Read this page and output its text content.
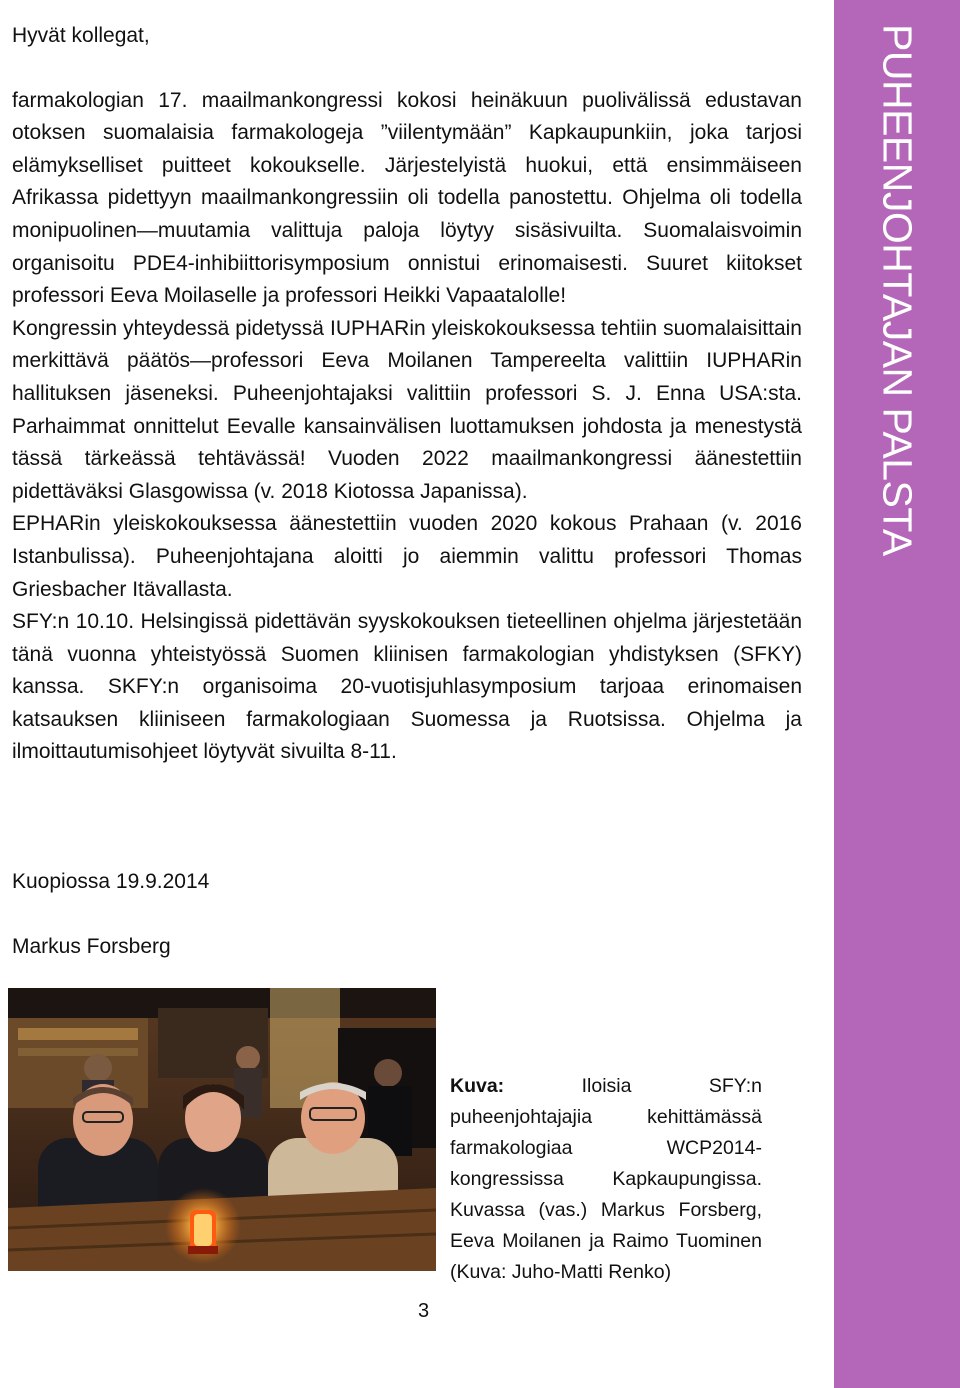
Hyvät kollegat,

farmakologian 17. maailmankongressi kokosi heinäkuun puolivälissä edustavan otoksen suomalaisia farmakologeja ”viilentymään” Kapkaupunkiin, joka tarjosi elämykselliset puitteet kokoukselle. Järjestelyistä huokui, että ensimmäiseen Afrikassa pidettyyn maailmankongressiin oli todella panostettu. Ohjelma oli todella monipuolinen—muutamia valittuja paloja löytyy sisäsivuilta. Suomalaisvoimin organisoitu PDE4-inhibiittorisymposium onnistui erinomaisesti. Suuret kiitokset professori Eeva Moilaselle ja professori Heikki Vapaatalolle!

Kongressin yhteydessä pidetyssä IUPHARin yleiskokouksessa tehtiin suomalaisittain merkittävä päätös—professori Eeva Moilanen Tampereelta valittiin IUPHARin hallituksen jäseneksi. Puheenjohtajaksi valittiin professori S. J. Enna USA:sta. Parhaimmat onnittelut Eevalle kansainvälisen luottamuksen johdosta ja menestystä tässä tärkeässä tehtävässä! Vuoden 2022 maailmankongressi äänestettiin pidettäväksi Glasgowissa (v. 2018 Kiotossa Japanissa).

EPHARin yleiskokouksessa äänestettiin vuoden 2020 kokous Prahaan (v. 2016 Istanbulissa). Puheenjohtajana aloitti jo aiemmin valittu professori Thomas Griesbacher Itävallasta.

SFY:n 10.10. Helsingissä pidettävän syyskokouksen tieteellinen ohjelma järjestetään tänä vuonna yhteistyössä Suomen kliinisen farmakologian yhdistyksen (SFKY) kanssa. SKFY:n organisoima 20-vuotisjuhlasymposium tarjoaa erinomaisen katsauksen kliiniseen farmakologiaan Suomessa ja Ruotsissa. Ohjelma ja ilmoittautumisohjeet löytyvät sivuilta 8-11.

Kuopiossa 19.9.2014

Markus Forsberg

PUHEENJOHTAJAN PALSTA
Kuva: Iloisia SFY:n puheenjohtajajia kehittämässä farmakologiaa WCP2014-kongressissa Kapkaupungissa. Kuvassa (vas.) Markus Forsberg, Eeva Moilanen ja Raimo Tuominen (Kuva: Juho-Matti Renko)

3
